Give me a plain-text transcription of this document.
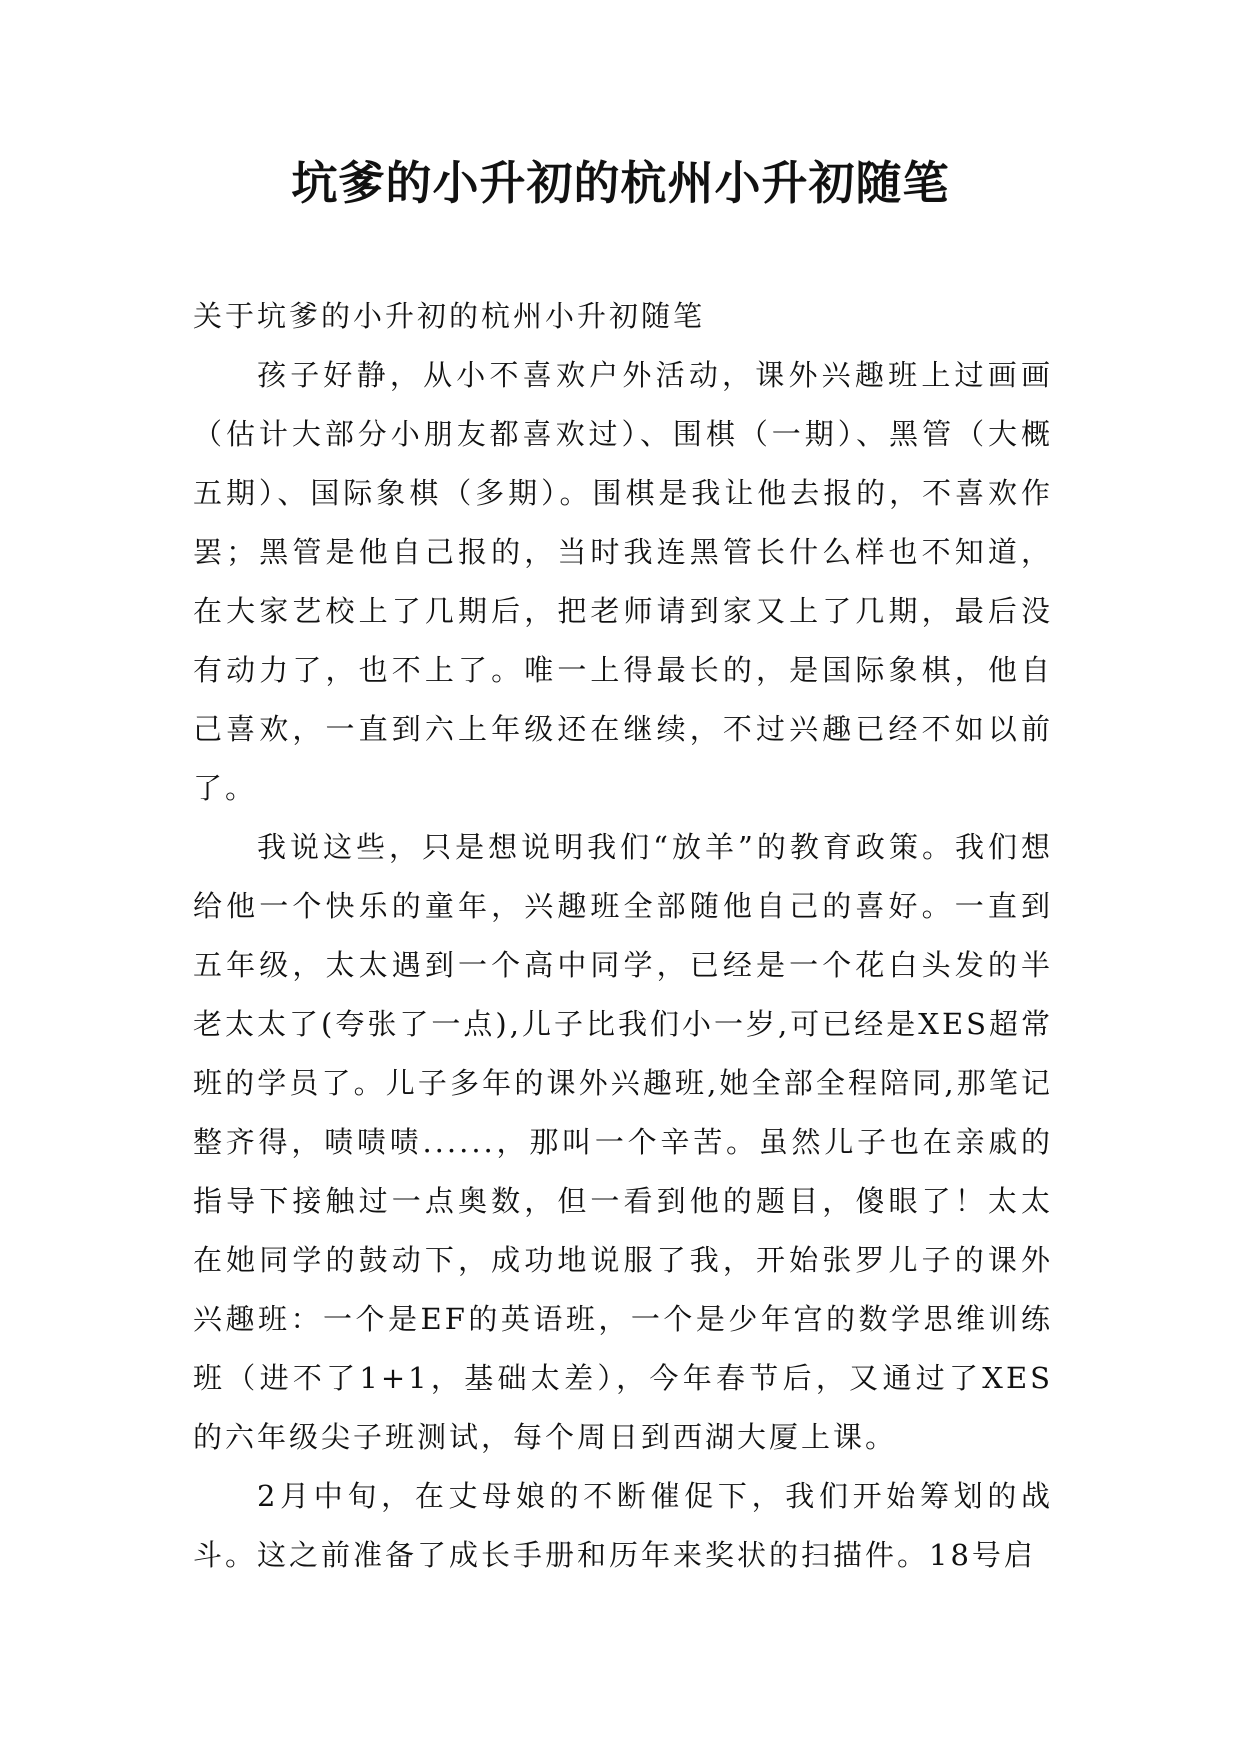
坑爹的小升初的杭州小升初随笔

关于坑爹的小升初的杭州小升初随笔

孩子好静，从小不喜欢户外活动，课外兴趣班上过画画（估计大部分小朋友都喜欢过）、围棋（一期）、黑管（大概五期）、国际象棋（多期）。围棋是我让他去报的，不喜欢作罢；黑管是他自己报的，当时我连黑管长什么样也不知道，在大家艺校上了几期后，把老师请到家又上了几期，最后没有动力了，也不上了。唯一上得最长的，是国际象棋，他自己喜欢，一直到六上年级还在继续，不过兴趣已经不如以前了。

我说这些，只是想说明我们“放羊”的教育政策。我们想给他一个快乐的童年，兴趣班全部随他自己的喜好。一直到五年级，太太遇到一个高中同学，已经是一个花白头发的半老太太了(夸张了一点),儿子比我们小一岁,可已经是XES超常班的学员了。儿子多年的课外兴趣班,她全部全程陪同,那笔记整齐得，啧啧啧......，那叫一个辛苦。虽然儿子也在亲戚的指导下接触过一点奥数，但一看到他的题目，傻眼了！太太在她同学的鼓动下，成功地说服了我，开始张罗儿子的课外兴趣班：一个是EF的英语班，一个是少年宫的数学思维训练班（进不了1+1，基础太差），今年春节后，又通过了XES的六年级尖子班测试，每个周日到西湖大厦上课。

2月中旬，在丈母娘的不断催促下，我们开始筹划的战斗。这之前准备了成长手册和历年来奖状的扫描件。18号启
